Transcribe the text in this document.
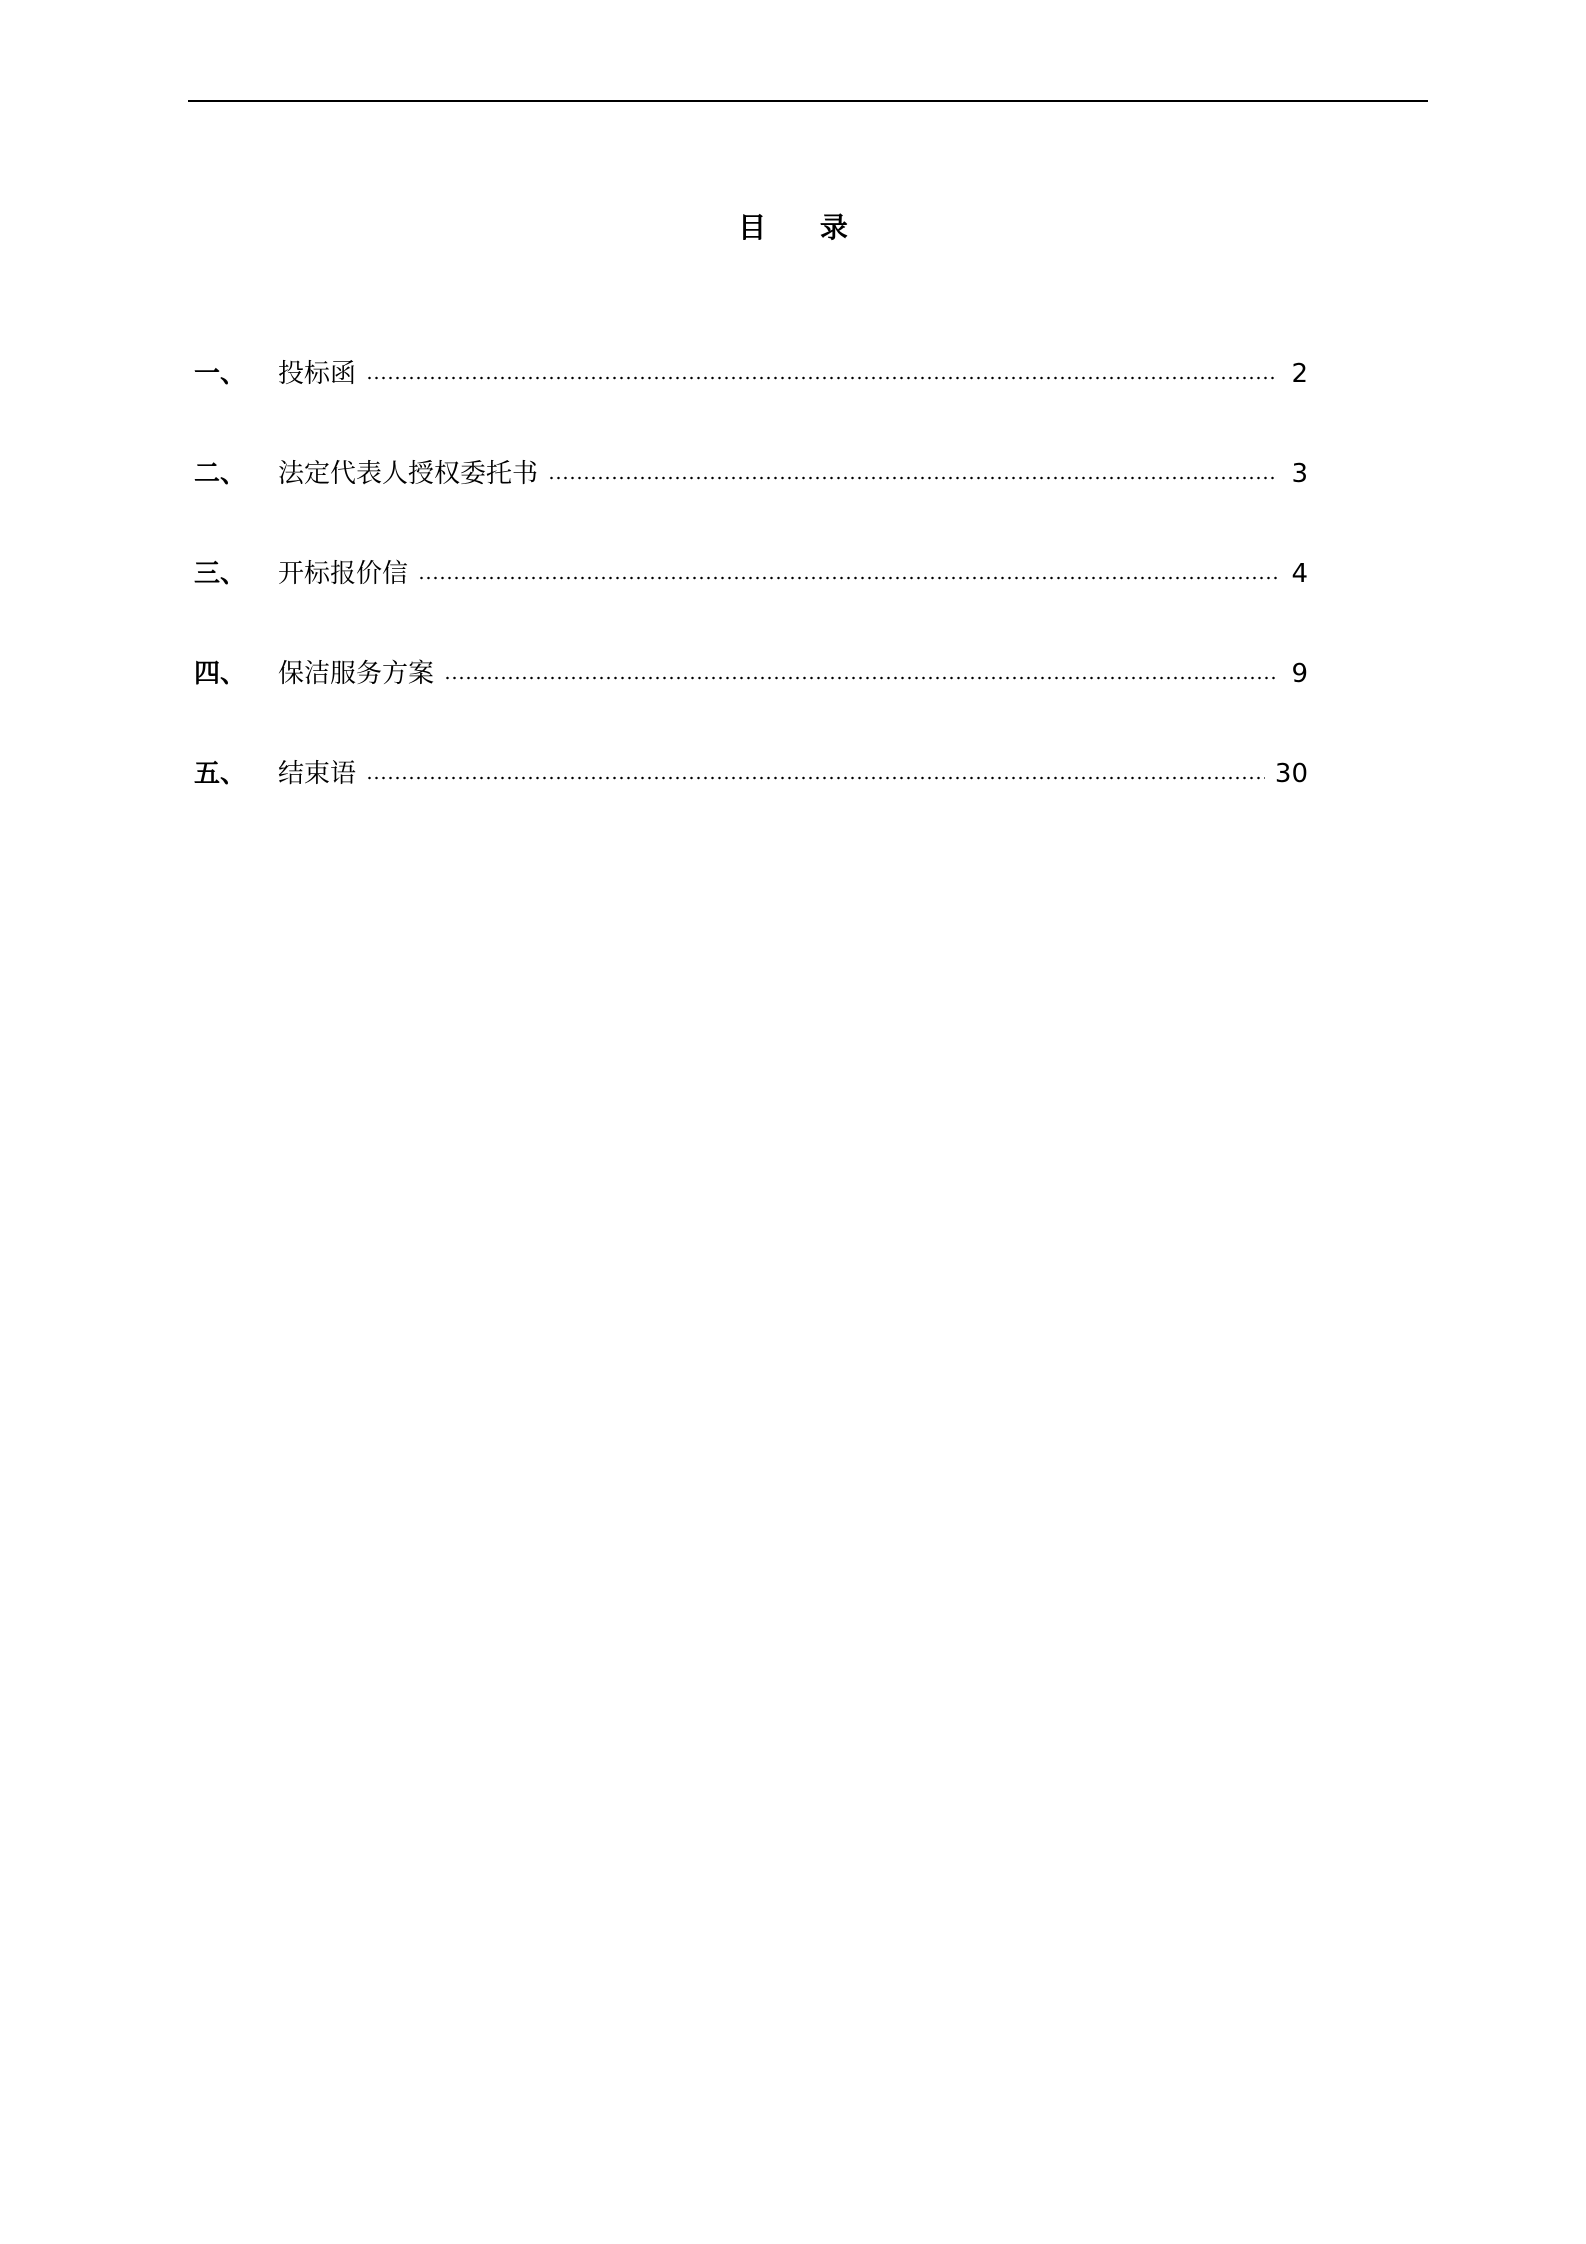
目 录
一、	投标函	2
二、	法定代表人授权委托书	3
三、	开标报价信	4
四、	保洁服务方案	9
五、	结束语	30
